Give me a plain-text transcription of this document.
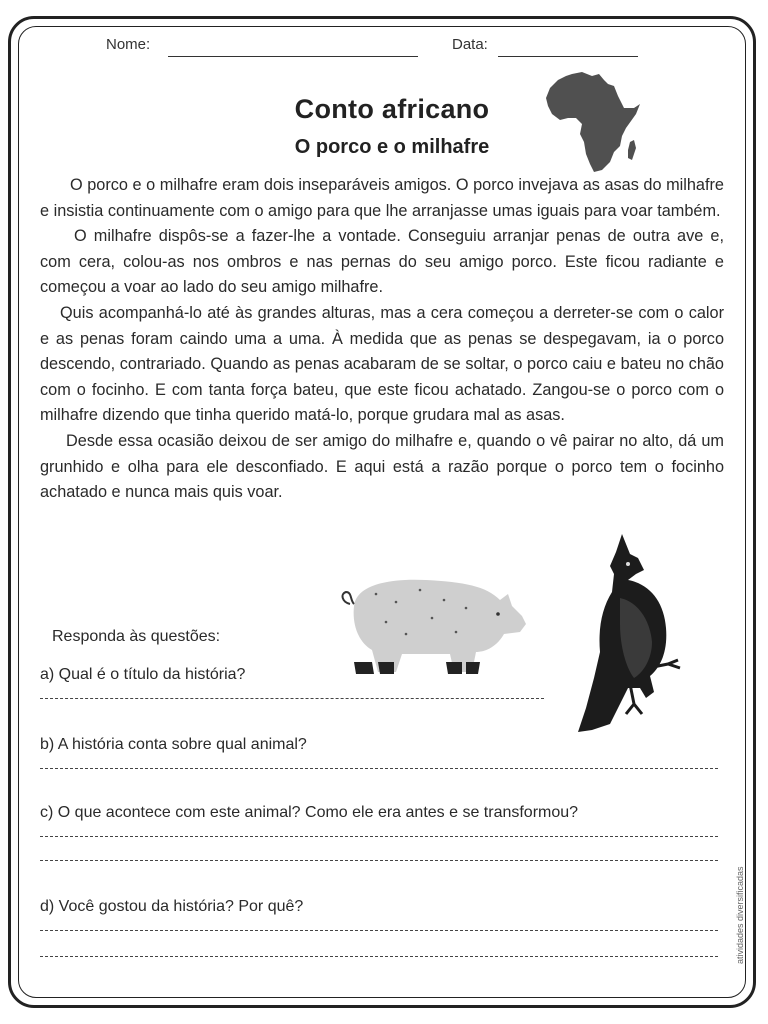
Nome:	Data:
Conto africano
O porco e o milhafre

O porco e o milhafre eram dois inseparáveis amigos. O porco invejava as asas do milhafre e insistia continuamente com o amigo para que lhe arranjasse umas iguais para voar também.

O milhafre dispôs-se a fazer-lhe a vontade. Conseguiu arranjar penas de outra ave e, com cera, colou-as nos ombros e nas pernas do seu amigo porco. Este ficou radiante e começou a voar ao lado do seu amigo milhafre.

Quis acompanhá-lo até às grandes alturas, mas a cera começou a derreter-se com o calor e as penas foram caindo uma a uma. À medida que as penas se despegavam, ia o porco descendo, contrariado. Quando as penas acabaram de se soltar, o porco caiu e bateu no chão com o focinho. E com tanta força bateu, que este ficou achatado. Zangou-se o porco com o milhafre dizendo que tinha querido matá-lo, porque grudara mal as asas.

Desde essa ocasião deixou de ser amigo do milhafre e, quando o vê pairar no alto, dá um grunhido e olha para ele desconfiado. E aqui está a razão porque o porco tem o focinho achatado e nunca mais quis voar.

Responda às questões:
a) Qual é o título da história?
b) A história conta sobre qual animal?
c) O que acontece com este animal? Como ele era antes e se transformou?
d) Você gostou da história? Por quê?	atividades diversificadas
